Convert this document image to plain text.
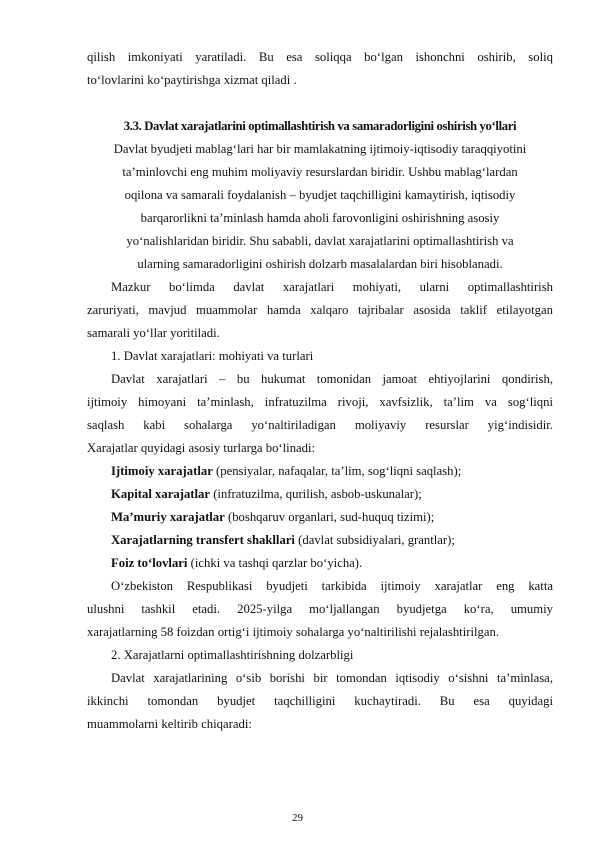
qilish imkoniyati yaratiladi. Bu esa soliqqa bo‘lgan ishonchni oshirib, soliq
to‘lovlarini ko‘paytirishga xizmat qiladi .
3.3. Davlat xarajatlarini optimallashtirish va samaradorligini oshirish yo‘llari
Davlat byudjeti mablag‘lari har bir mamlakatning ijtimoiy-iqtisodiy taraqqiyotini
ta’minlovchi eng muhim moliyaviy resurslardan biridir. Ushbu mablag‘lardan
oqilona va samarali foydalanish – byudjet taqchilligini kamaytirish, iqtisodiy
barqarorlikni ta’minlash hamda aholi farovonligini oshirishning asosiy
yo‘nalishlaridan biridir. Shu sababli, davlat xarajatlarini optimallashtirish va
ularning samaradorligini oshirish dolzarb masalalardan biri hisoblanadi.
Mazkur bo‘limda davlat xarajatlari mohiyati, ularni optimallashtirish
zaruriyati, mavjud muammolar hamda xalqaro tajribalar asosida taklif etilayotgan
samarali yo‘llar yoritiladi.
1. Davlat xarajatlari: mohiyati va turlari
Davlat xarajatlari – bu hukumat tomonidan jamoat ehtiyojlarini qondirish,
ijtimoiy himoyani ta’minlash, infratuzilma rivoji, xavfsizlik, ta’lim va sog‘liqni
saqlash kabi sohalarga yo‘naltiriladigan moliyaviy resurslar yig‘indisidir.
Xarajatlar quyidagi asosiy turlarga bo‘linadi:
Ijtimoiy xarajatlar (pensiyalar, nafaqalar, ta’lim, sog‘liqni saqlash);
Kapital xarajatlar (infratuzilma, qurilish, asbob-uskunalar);
Ma’muriy xarajatlar (boshqaruv organlari, sud-huquq tizimi);
Xarajatlarning transfert shakllari (davlat subsidiyalari, grantlar);
Foiz to‘lovlari (ichki va tashqi qarzlar bo‘yicha).
O‘zbekiston Respublikasi byudjeti tarkibida ijtimoiy xarajatlar eng katta
ulushni tashkil etadi. 2025-yilga mo‘ljallangan byudjetga ko‘ra, umumiy
xarajatlarning 58 foizdan ortig‘i ijtimoiy sohalarga yo‘naltirilishi rejalashtirilgan.
2. Xarajatlarni optimallashtirishning dolzarbligi
Davlat xarajatlarining o‘sib borishi bir tomondan iqtisodiy o‘sishni ta’minlasa,
ikkinchi tomondan byudjet taqchilligini kuchaytiradi. Bu esa quyidagi
muammolarni keltirib chiqaradi:
29
